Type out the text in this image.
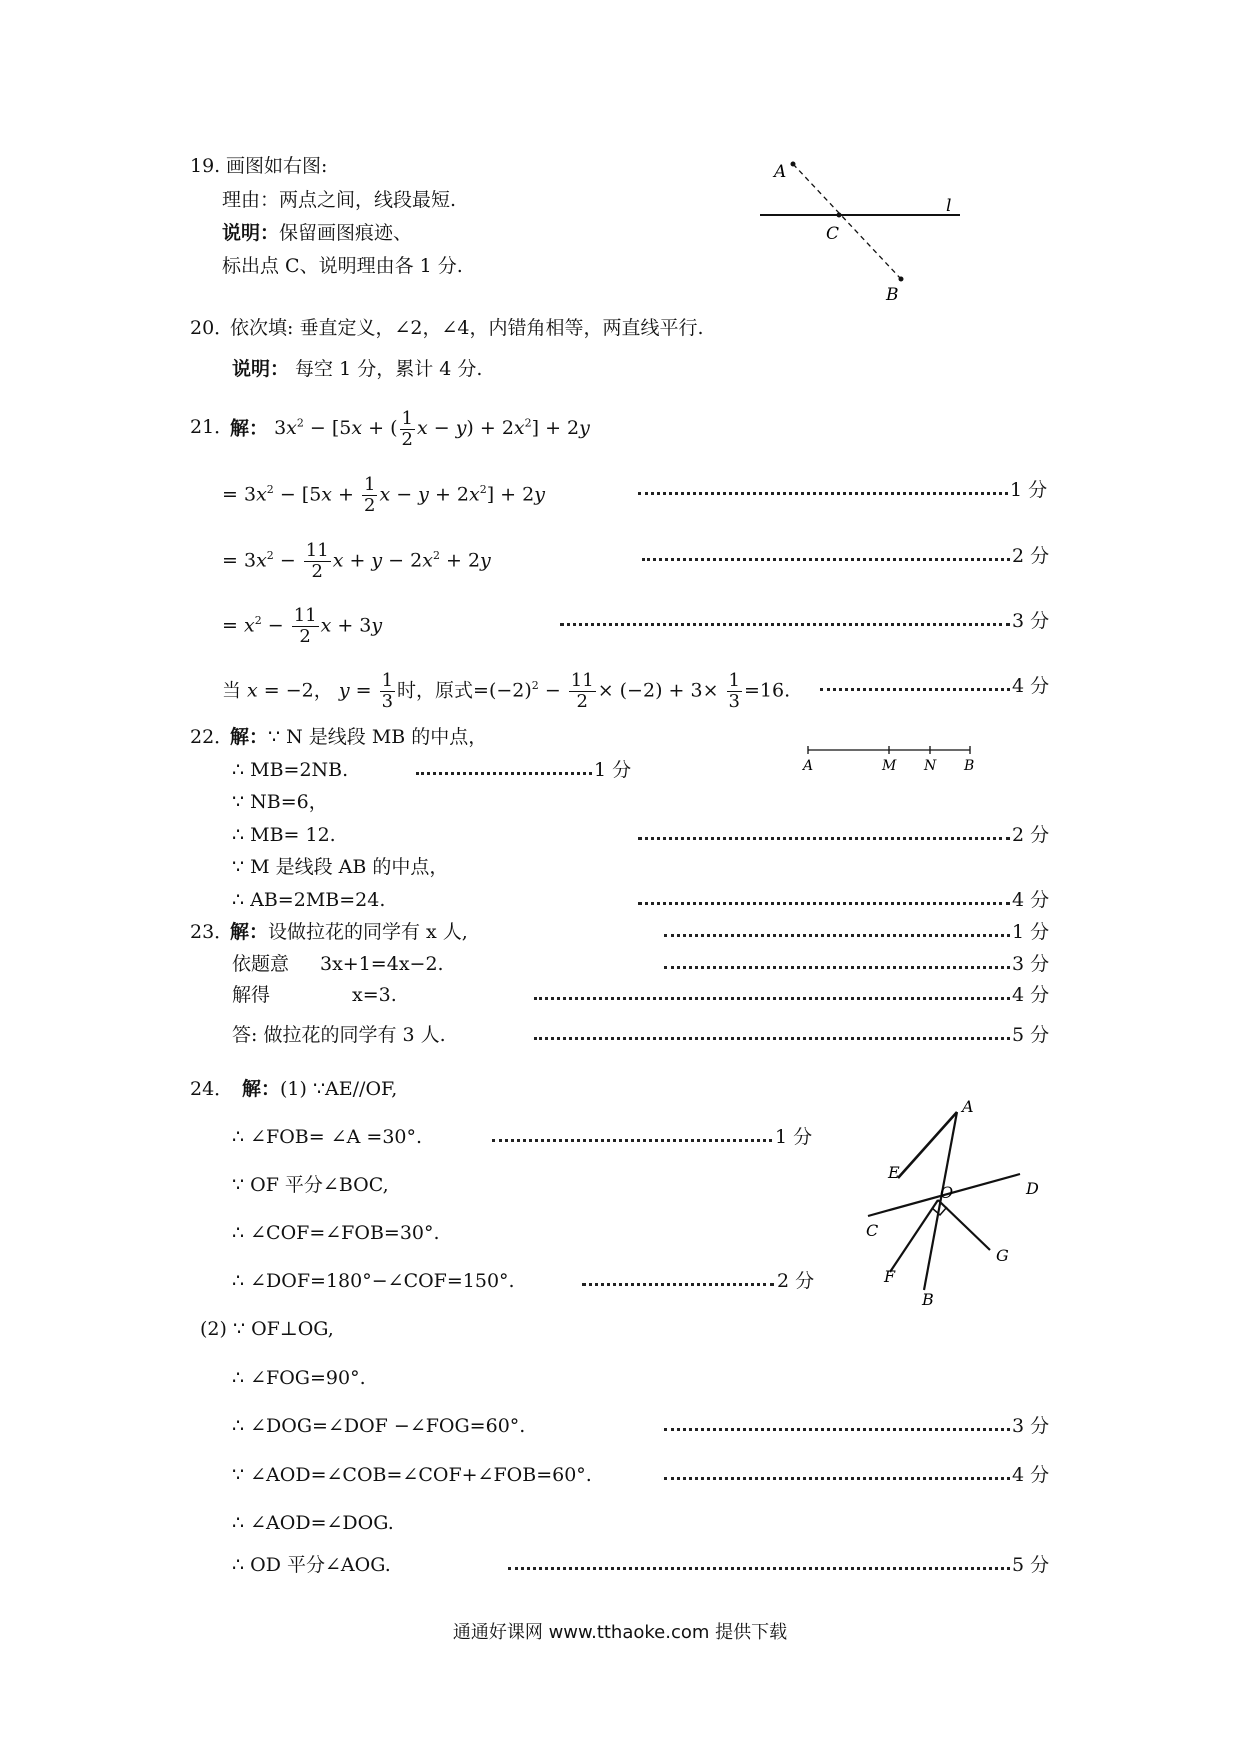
19. 画图如右图:
理由：两点之间，线段最短.
说明：保留画图痕迹、
标出点 C、说明理由各 1 分.
A
C
B
l
20．
依次填: 垂直定义，∠2，∠4，内错角相等，两直线平行.
说明： 每空 1 分，累计 4 分.
21．
解： $3x^2 - [5x$ + ( $\frac{1}{2}$ $x - y) + 2x^2] + 2y$
= $3x^2 - [5x + \frac{1}{2}$ $x - y + 2x^2] + 2y$	1 分
= $3x^2 - \frac{11}{2}$ $x + y - 2x^2 + 2y$	2 分
= $x^2 - \frac{11}{2}$ x + 3y	3 分
当 x = −2， $y = \frac{1}{3}$ 时，原式$=(-2)^2 - \frac{11}{2} \times (-2) + 3\times \frac{1}{3} =16$.	4 分
22．
解：∵ N 是线段 MB 的中点，
∴ MB=2NB.	1 分
∵ NB=6，
∴ MB= 12.	2 分
∵ M 是线段 AB 的中点，
∴ AB=2MB=24.	4 分
A	M N B
23．
解：设做拉花的同学有 x 人,	1 分
依题意 3x+1=4x−2.	3 分
解得	x=3.	4 分
答: 做拉花的同学有 3 人.	5 分
24． 解：(1) ∵AE//OF,
∴ ∠FOB= ∠A =30°.	1 分
∵ OF 平分∠BOC,
∴ ∠COF=∠FOB=30°.
∴ ∠DOF=180°−∠COF=150°.	2 分
(2) ∵ OF⊥OG,
∴ ∠FOG=90°.
∴ ∠DOG=∠DOF −∠FOG=60°.	3 分
∵ ∠AOD=∠COB=∠COF+∠FOB=60°.	4 分
∴ ∠AOD=∠DOG.
∴ OD 平分∠AOG.	5 分
A
E
O	D
C
G
F
B
通通好课网 www.tthaoke.com 提供下载
